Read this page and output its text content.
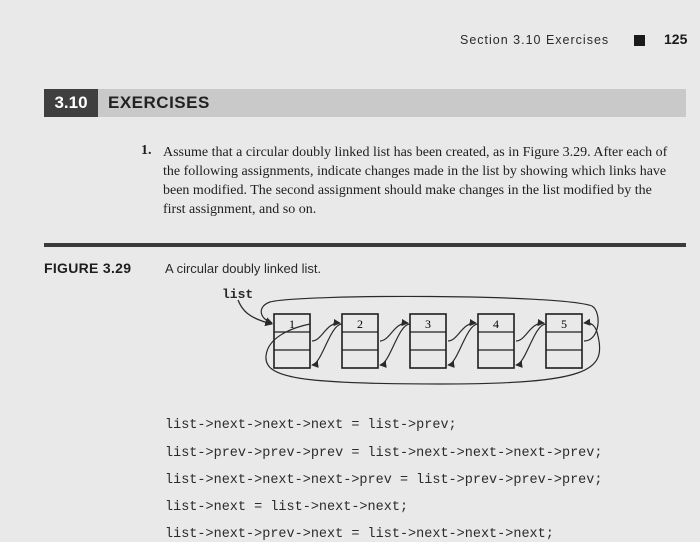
Section 3.10 Exercises	125
3.10	EXERCISES
1. Assume that a circular doubly linked list has been created, as in Figure 3.29. After each of the following assignments, indicate changes made in the list by showing which links have been modified. The second assignment should make changes in the list modified by the first assignment, and so on.

FIGURE 3.29	A circular doubly linked list.
list
1	2	3	4	5
list->next->next->next = list->prev;
list->prev->prev->prev = list->next->next->next->prev;
list->next->next->next->prev = list->prev->prev->prev;
list->next = list->next->next;
list->next->prev->next = list->next->next->next;
